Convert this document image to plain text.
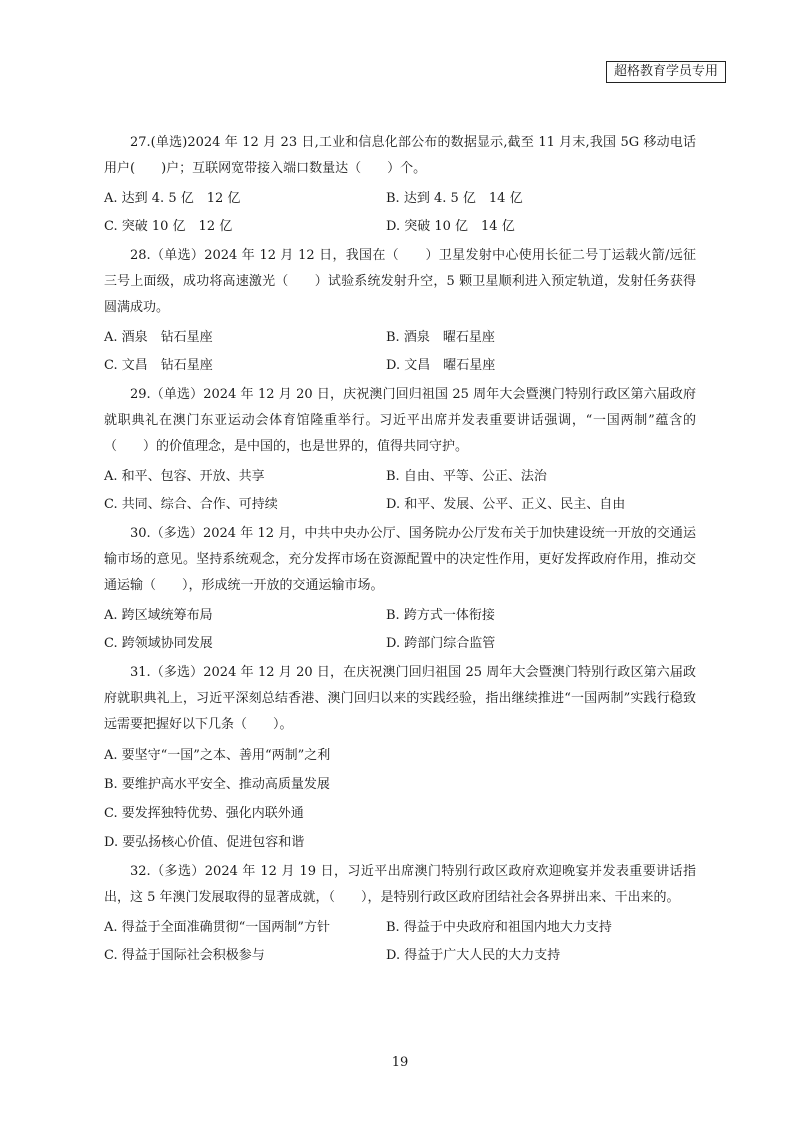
超格教育学员专用

27.(单选)2024 年 12 月 23 日,工业和信息化部公布的数据显示,截至 11 月末,我国 5G 移动电话用户(　　)户；互联网宽带接入端口数量达（　　）个。

A. 达到 4. 5 亿　12 亿	B. 达到 4. 5 亿　14 亿
C. 突破 10 亿　12 亿	D. 突破 10 亿　14 亿

28.（单选）2024 年 12 月 12 日，我国在（　　）卫星发射中心使用长征二号丁运载火箭/远征三号上面级，成功将高速激光（　　）试验系统发射升空，5 颗卫星顺利进入预定轨道，发射任务获得圆满成功。

A. 酒泉　钻石星座	B. 酒泉　曜石星座
C. 文昌　钻石星座	D. 文昌　曜石星座

29.（单选）2024 年 12 月 20 日，庆祝澳门回归祖国 25 周年大会暨澳门特别行政区第六届政府就职典礼在澳门东亚运动会体育馆隆重举行。习近平出席并发表重要讲话强调，“一国两制”蕴含的（　　）的价值理念，是中国的，也是世界的，值得共同守护。

A. 和平、包容、开放、共享	B. 自由、平等、公正、法治
C. 共同、综合、合作、可持续	D. 和平、发展、公平、正义、民主、自由

30.（多选）2024 年 12 月，中共中央办公厅、国务院办公厅发布关于加快建设统一开放的交通运输市场的意见。坚持系统观念，充分发挥市场在资源配置中的决定性作用，更好发挥政府作用，推动交通运输（　　），形成统一开放的交通运输市场。

A. 跨区域统筹布局	B. 跨方式一体衔接
C. 跨领域协同发展	D. 跨部门综合监管

31.（多选）2024 年 12 月 20 日，在庆祝澳门回归祖国 25 周年大会暨澳门特别行政区第六届政府就职典礼上，习近平深刻总结香港、澳门回归以来的实践经验，指出继续推进“一国两制”实践行稳致远需要把握好以下几条（　　）。

A. 要坚守“一国”之本、善用“两制”之利
B. 要维护高水平安全、推动高质量发展
C. 要发挥独特优势、强化内联外通
D. 要弘扬核心价值、促进包容和谐

32.（多选）2024 年 12 月 19 日，习近平出席澳门特别行政区政府欢迎晚宴并发表重要讲话指出，这 5 年澳门发展取得的显著成就，（　　），是特别行政区政府团结社会各界拼出来、干出来的。

A. 得益于全面准确贯彻“一国两制”方针	B. 得益于中央政府和祖国内地大力支持
C. 得益于国际社会积极参与	D. 得益于广大人民的大力支持
19
